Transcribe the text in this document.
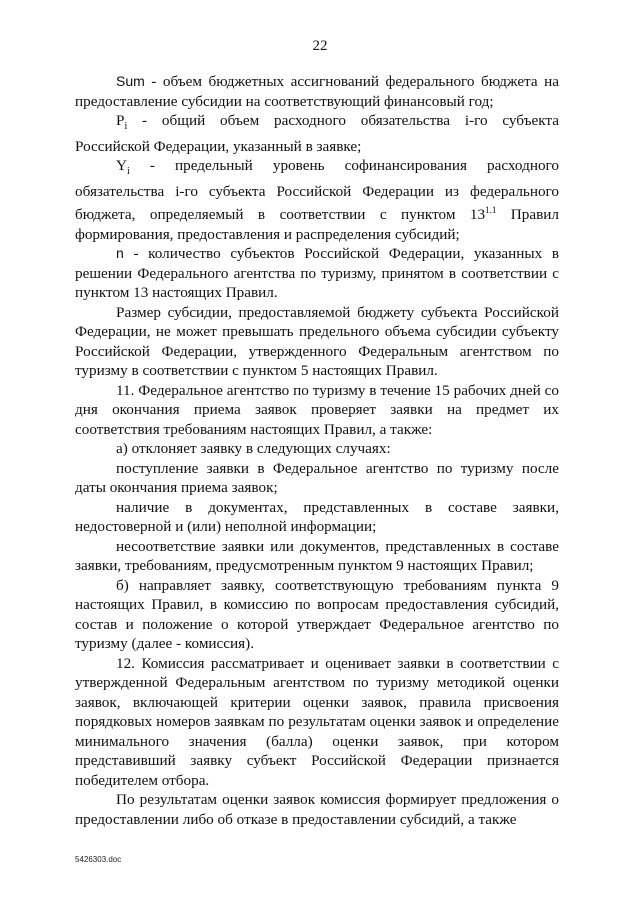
22

Sum - объем бюджетных ассигнований федерального бюджета на предоставление субсидии на соответствующий финансовый год;

$P_i$ - общий объем расходного обязательства i-го субъекта Российской Федерации, указанный в заявке;

$Y_i$ - предельный уровень софинансирования расходного обязательства i-го субъекта Российской Федерации из федерального бюджета, определяемый в соответствии с пунктом $13^{1.1}$ Правил формирования, предоставления и распределения субсидий;

n - количество субъектов Российской Федерации, указанных в решении Федерального агентства по туризму, принятом в соответствии с пунктом 13 настоящих Правил.

Размер субсидии, предоставляемой бюджету субъекта Российской Федерации, не может превышать предельного объема субсидии субъекту Российской Федерации, утвержденного Федеральным агентством по туризму в соответствии с пунктом 5 настоящих Правил.

11. Федеральное агентство по туризму в течение 15 рабочих дней со дня окончания приема заявок проверяет заявки на предмет их соответствия требованиям настоящих Правил, а также:

а) отклоняет заявку в следующих случаях:

поступление заявки в Федеральное агентство по туризму после даты окончания приема заявок;

наличие в документах, представленных в составе заявки, недостоверной и (или) неполной информации;

несоответствие заявки или документов, представленных в составе заявки, требованиям, предусмотренным пунктом 9 настоящих Правил;

б) направляет заявку, соответствующую требованиям пункта 9 настоящих Правил, в комиссию по вопросам предоставления субсидий, состав и положение о которой утверждает Федеральное агентство по туризму (далее - комиссия).

12. Комиссия рассматривает и оценивает заявки в соответствии с утвержденной Федеральным агентством по туризму методикой оценки заявок, включающей критерии оценки заявок, правила присвоения порядковых номеров заявкам по результатам оценки заявок и определение минимального значения (балла) оценки заявок, при котором представивший заявку субъект Российской Федерации признается победителем отбора.

По результатам оценки заявок комиссия формирует предложения о предоставлении либо об отказе в предоставлении субсидий, а также

5426303.doc
